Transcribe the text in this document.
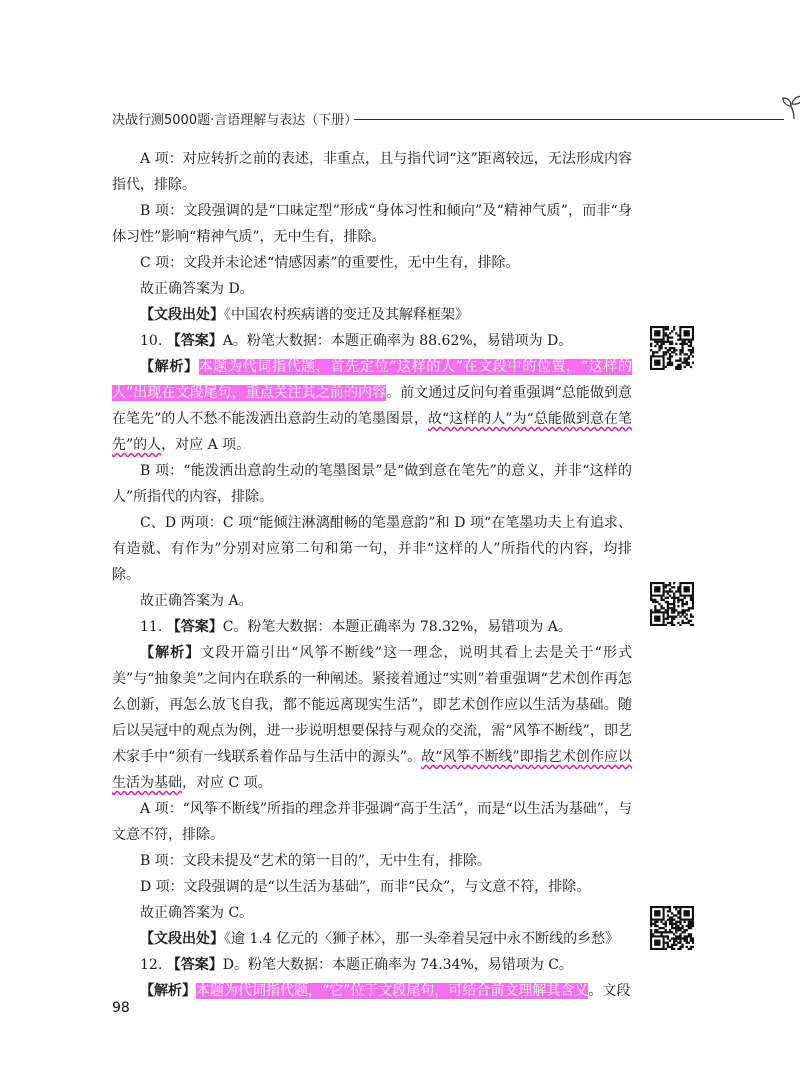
决战行测5000题·言语理解与表达（下册）

A 项：对应转折之前的表述，非重点，且与指代词“这”距离较远，无法形成内容指代，排除。

B 项：文段强调的是“口味定型”形成“身体习性和倾向”及“精神气质”，而非“身体习性”影响“精神气质”，无中生有，排除。

C 项：文段并未论述“情感因素”的重要性，无中生有，排除。

故正确答案为 D。

【文段出处】《中国农村疾病谱的变迁及其解释框架》

10. 【答案】A。粉笔大数据：本题正确率为 88.62%，易错项为 D。

【解析】本题为代词指代题，首先定位“这样的人”在文段中的位置，“这样的人”出现在文段尾句，重点关注其之前的内容。前文通过反问句着重强调“总能做到意在笔先”的人不愁不能泼洒出意韵生动的笔墨图景，故“这样的人”为“总能做到意在笔先”的人，对应 A 项。

B 项：“能泼洒出意韵生动的笔墨图景”是“做到意在笔先”的意义，并非“这样的人”所指代的内容，排除。

C、D 两项：C 项“能倾注淋漓酣畅的笔墨意韵”和 D 项“在笔墨功夫上有追求、有造就、有作为”分别对应第二句和第一句，并非“这样的人”所指代的内容，均排除。

故正确答案为 A。

11. 【答案】C。粉笔大数据：本题正确率为 78.32%，易错项为 A。

【解析】文段开篇引出“风筝不断线”这一理念，说明其看上去是关于“形式美”与“抽象美”之间内在联系的一种阐述。紧接着通过“实则”着重强调“艺术创作再怎么创新，再怎么放飞自我，都不能远离现实生活”，即艺术创作应以生活为基础。随后以吴冠中的观点为例，进一步说明想要保持与观众的交流，需“风筝不断线”，即艺术家手中“须有一线联系着作品与生活中的源头”。故“风筝不断线”即指艺术创作应以生活为基础，对应 C 项。

A 项：“风筝不断线”所指的理念并非强调“高于生活”，而是“以生活为基础”，与文意不符，排除。

B 项：文段未提及“艺术的第一目的”，无中生有，排除。

D 项：文段强调的是“以生活为基础”，而非“民众”，与文意不符，排除。

故正确答案为 C。

【文段出处】《逾 1.4 亿元的〈狮子林〉，那一头牵着吴冠中永不断线的乡愁》

12. 【答案】D。粉笔大数据：本题正确率为 74.34%，易错项为 C。

【解析】本题为代词指代题，“它”位于文段尾句，可结合前文理解其含义。文段

98
